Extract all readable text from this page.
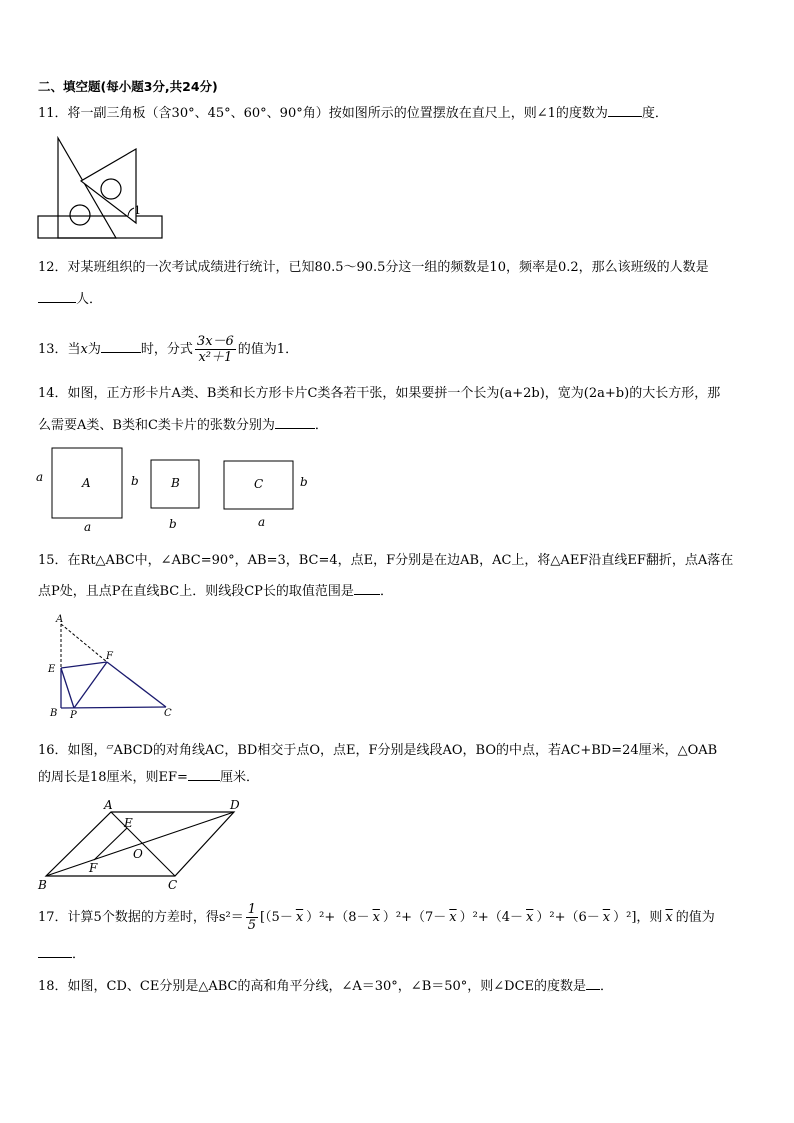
二、填空题(每小题3分,共24分)
11．将一副三角板（含30°、45°、60°、90°角）按如图所示的位置摆放在直尺上，则∠1的度数为	度．
1
12．对某班组织的一次考试成绩进行统计，已知80.5～90.5分这一组的频数是10，频率是0.2，那么该班级的人数是
人．
13．当x为	时，分式 $\frac{3x-6}{\text{x²＋1}}$ 的值为1．
14．如图，正方形卡片A类、B类和长方形卡片C类各若干张，如果要拼一个长为(a+2b)，宽为(2a+b)的大长方形，那
么需要A类、B类和C类卡片的张数分别为	．
a	A
a
b	B
b
C	b
a
15．在Rt△ABC中，∠ABC=90°，AB=3，BC=4，点E，F分别是在边AB，AC上，将△AEF沿直线EF翻折，点A落在
点P处，且点P在直线BC上．则线段CP长的取值范围是 ．
A
E
F
B P	C
16．如图，▱ABCD的对角线AC，BD相交于点O，点E，F分别是线段AO，BO的中点，若AC+BD=24厘米，△OAB
的周长是18厘米，则EF= 厘米．
A	D
E
O
F
B	C
17．计算5个数据的方差时，得$s^2= \frac{1}{5} [(5- \overline{x}$ ）$^2+(8- \overline{x}$ ）$^2+(7- \overline{x}$ ）$^2+(4- \overline{x}$ ）$^2+(6- \overline{x}$ ）²]，则 $\overline{x}$ 的值为
．
18．如图，CD、CE分别是△ABC的高和角平分线，∠A＝30°，∠B＝50°，则∠DCE的度数是 ．
